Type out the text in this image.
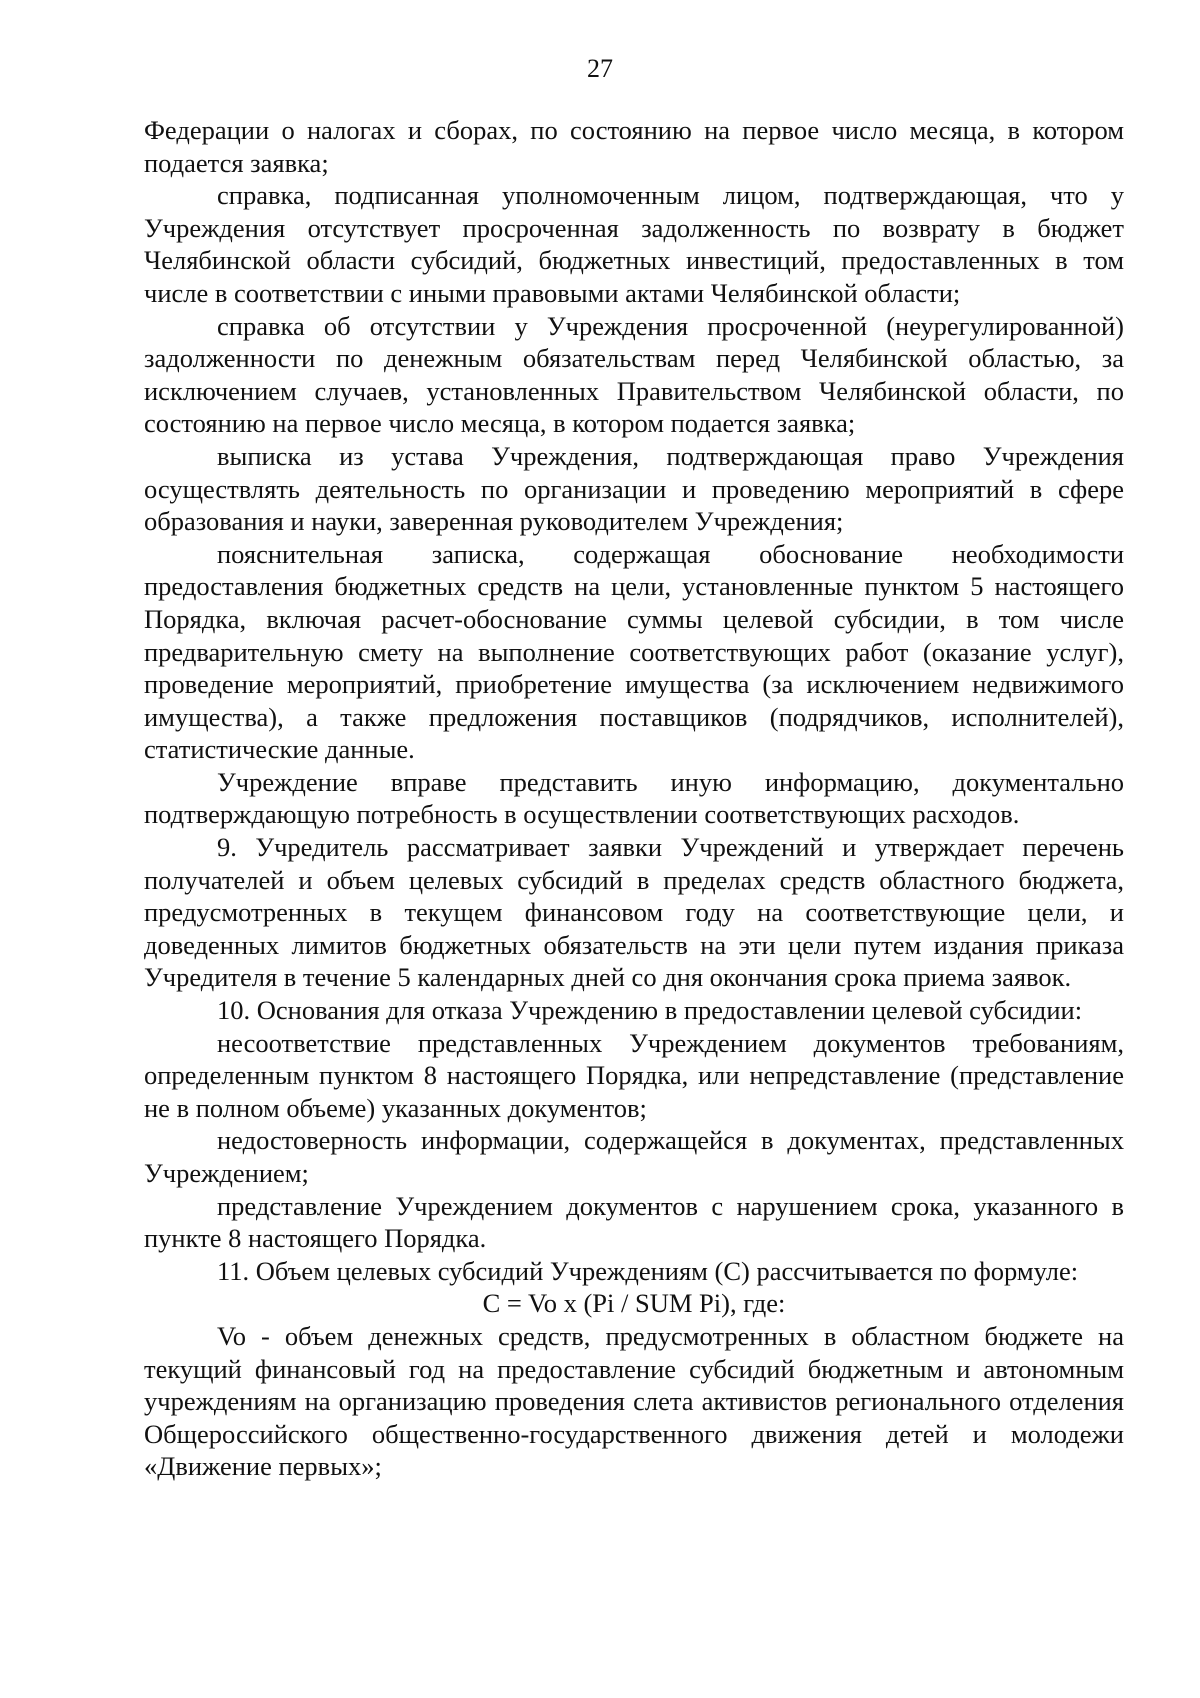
27

Федерации о налогах и сборах, по состоянию на первое число месяца, в котором подается заявка;

справка, подписанная уполномоченным лицом, подтверждающая, что у Учреждения отсутствует просроченная задолженность по возврату в бюджет Челябинской области субсидий, бюджетных инвестиций, предоставленных в том числе в соответствии с иными правовыми актами Челябинской области;

справка об отсутствии у Учреждения просроченной (неурегулированной) задолженности по денежным обязательствам перед Челябинской областью, за исключением случаев, установленных Правительством Челябинской области, по состоянию на первое число месяца, в котором подается заявка;

выписка из устава Учреждения, подтверждающая право Учреждения осуществлять деятельность по организации и проведению мероприятий в сфере образования и науки, заверенная руководителем Учреждения;

пояснительная записка, содержащая обоснование необходимости предоставления бюджетных средств на цели, установленные пунктом 5 настоящего Порядка, включая расчет-обоснование суммы целевой субсидии, в том числе предварительную смету на выполнение соответствующих работ (оказание услуг), проведение мероприятий, приобретение имущества (за исключением недвижимого имущества), а также предложения поставщиков (подрядчиков, исполнителей), статистические данные.

Учреждение вправе представить иную информацию, документально подтверждающую потребность в осуществлении соответствующих расходов.

9. Учредитель рассматривает заявки Учреждений и утверждает перечень получателей и объем целевых субсидий в пределах средств областного бюджета, предусмотренных в текущем финансовом году на соответствующие цели, и доведенных лимитов бюджетных обязательств на эти цели путем издания приказа Учредителя в течение 5 календарных дней со дня окончания срока приема заявок.

10. Основания для отказа Учреждению в предоставлении целевой субсидии:

несоответствие представленных Учреждением документов требованиям, определенным пунктом 8 настоящего Порядка, или непредставление (представление не в полном объеме) указанных документов;

недостоверность информации, содержащейся в документах, представленных Учреждением;

представление Учреждением документов с нарушением срока, указанного в пункте 8 настоящего Порядка.

11. Объем целевых субсидий Учреждениям (C) рассчитывается по формуле:

C = Vo x (Pi / SUM Pi), где:

Vo - объем денежных средств, предусмотренных в областном бюджете на текущий финансовый год на предоставление субсидий бюджетным и автономным учреждениям на организацию проведения слета активистов регионального отделения Общероссийского общественно-государственного движения детей и молодежи «Движение первых»;
